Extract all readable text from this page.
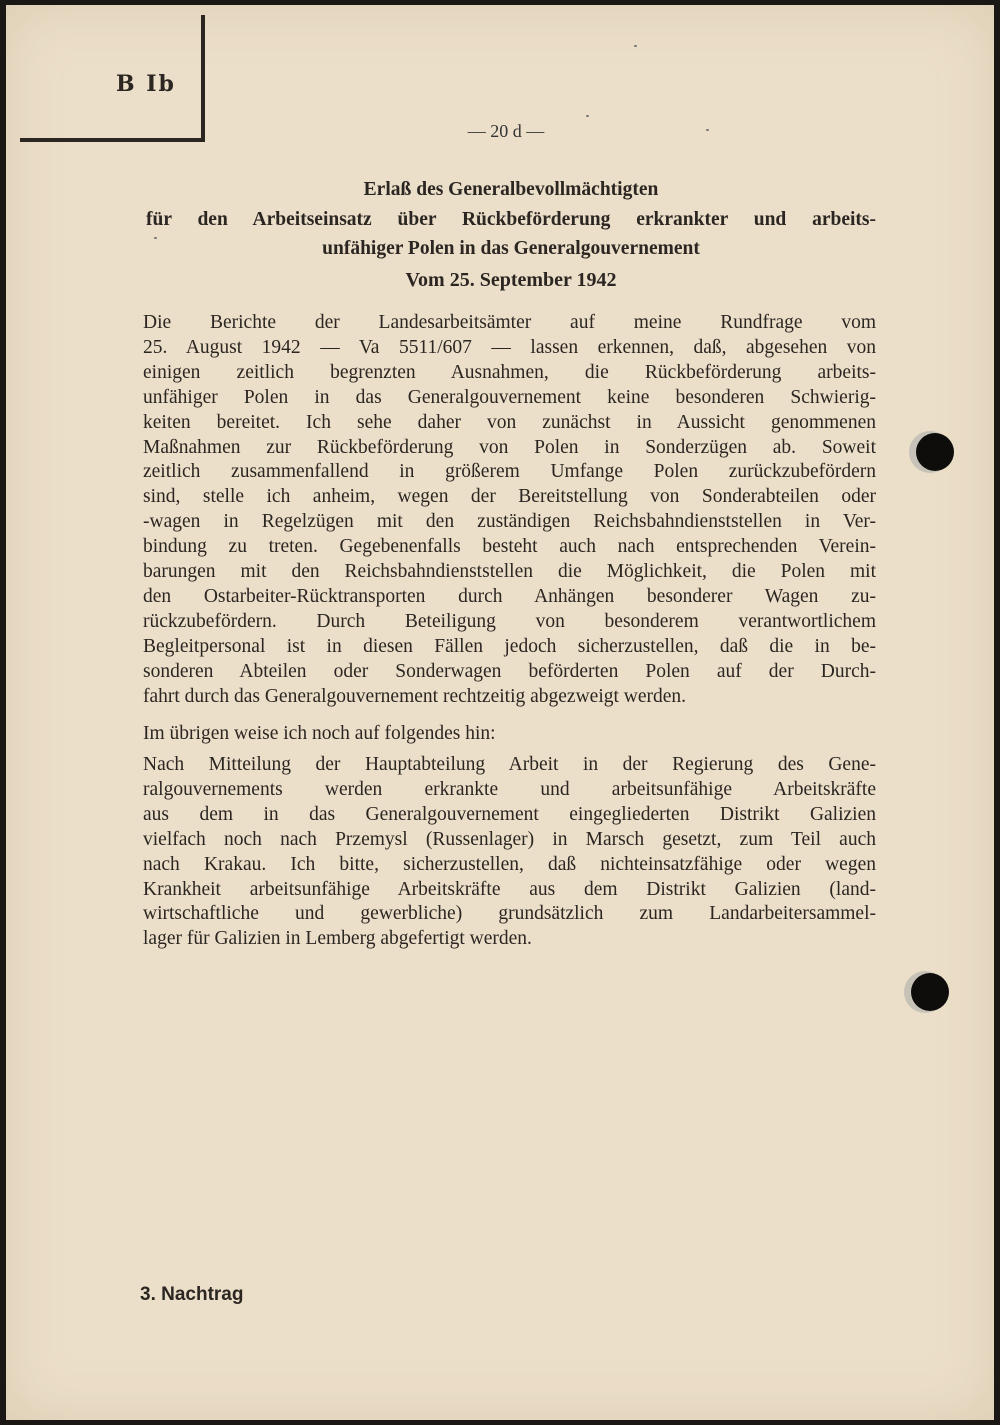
B Ib
— 20 d —
Erlaß des Generalbevollmächtigten
für den Arbeitseinsatz über Rückbeförderung erkrankter und arbeits-
unfähiger Polen in das Generalgouvernement
Vom 25. September 1942
Die Berichte der Landesarbeitsämter auf meine Rundfrage vom
25. August 1942 — Va 5511/607 — lassen erkennen, daß, abgesehen von
einigen zeitlich begrenzten Ausnahmen, die Rückbeförderung arbeits-
unfähiger Polen in das Generalgouvernement keine besonderen Schwierig-
keiten bereitet. Ich sehe daher von zunächst in Aussicht genommenen
Maßnahmen zur Rückbeförderung von Polen in Sonderzügen ab. Soweit
zeitlich zusammenfallend in größerem Umfange Polen zurückzubefördern
sind, stelle ich anheim, wegen der Bereitstellung von Sonderabteilen oder
-wagen in Regelzügen mit den zuständigen Reichsbahndienststellen in Ver-
bindung zu treten. Gegebenenfalls besteht auch nach entsprechenden Verein-
barungen mit den Reichsbahndienststellen die Möglichkeit, die Polen mit
den Ostarbeiter-Rücktransporten durch Anhängen besonderer Wagen zu-
rückzubefördern. Durch Beteiligung von besonderem verantwortlichem
Begleitpersonal ist in diesen Fällen jedoch sicherzustellen, daß die in be-
sonderen Abteilen oder Sonderwagen beförderten Polen auf der Durch-
fahrt durch das Generalgouvernement rechtzeitig abgezweigt werden.
Im übrigen weise ich noch auf folgendes hin:
Nach Mitteilung der Hauptabteilung Arbeit in der Regierung des Gene-
ralgouvernements werden erkrankte und arbeitsunfähige Arbeitskräfte
aus dem in das Generalgouvernement eingegliederten Distrikt Galizien
vielfach noch nach Przemysl (Russenlager) in Marsch gesetzt, zum Teil auch
nach Krakau. Ich bitte, sicherzustellen, daß nichteinsatzfähige oder wegen
Krankheit arbeitsunfähige Arbeitskräfte aus dem Distrikt Galizien (land-
wirtschaftliche und gewerbliche) grundsätzlich zum Landarbeitersammel-
lager für Galizien in Lemberg abgefertigt werden.
3. Nachtrag
